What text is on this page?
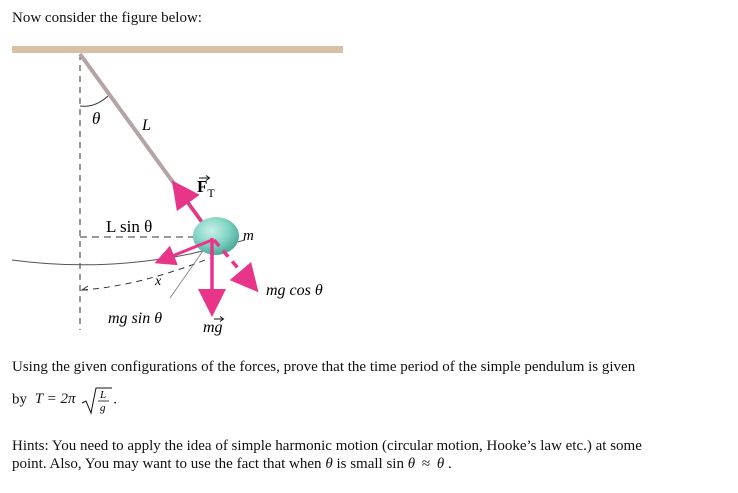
Now consider the figure below:
θ	L
$F_T$
L sin θ	m
x
mg cos θ
mg sin θ
mg
Using the given configurations of the forces, prove that the time period of the simple pendulum is given
by T = 2π L
g
.
Hints: You need to apply the idea of simple harmonic motion (circular motion, Hooke’s law etc.) at some
point. Also, You may want to use the fact that when θ is small sin θ ≈ θ .
